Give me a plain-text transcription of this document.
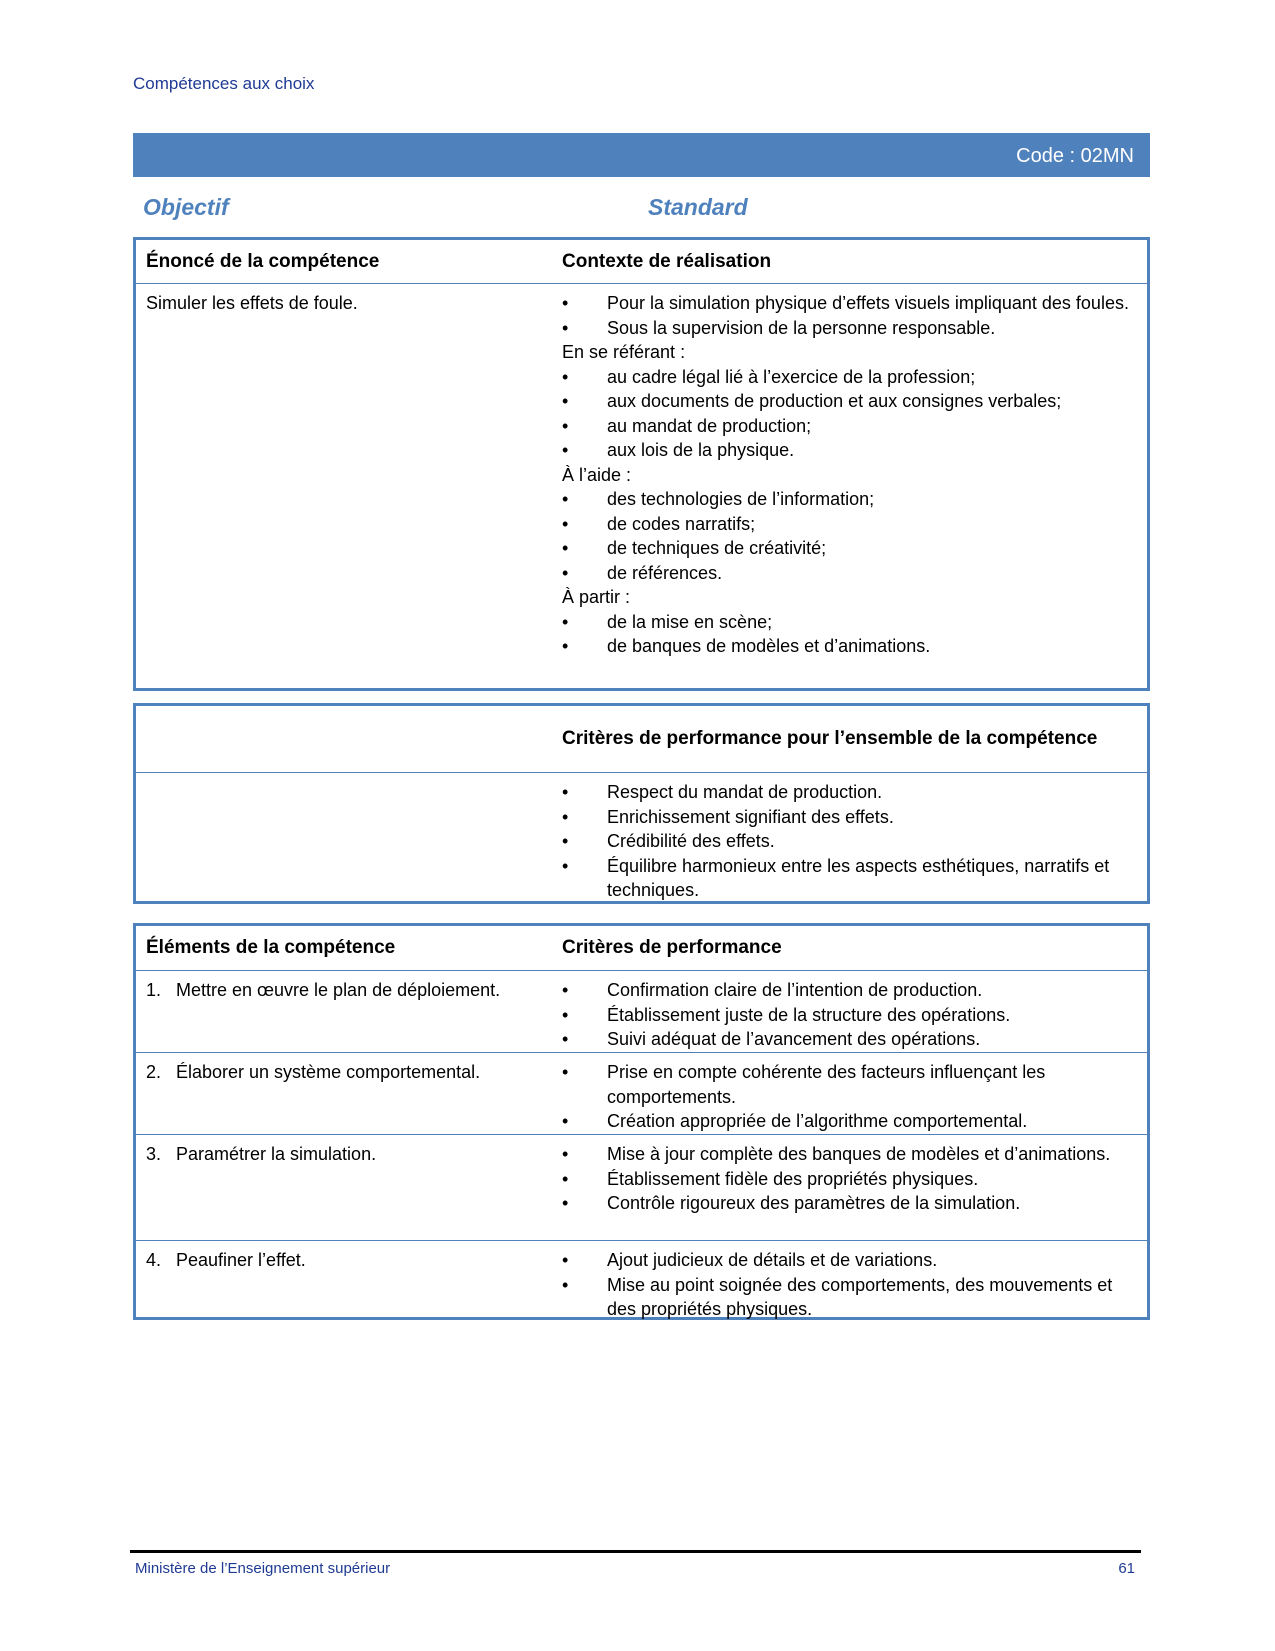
Compétences aux choix
Code : 02MN
Objectif	Standard
Énoncé de la compétence	Contexte de réalisation
Simuler les effets de foule.	• Pour la simulation physique d’effets visuels impliquant des foules.
• Sous la supervision de la personne responsable.
En se référant :
• au cadre légal lié à l’exercice de la profession;
• aux documents de production et aux consignes verbales;
• au mandat de production;
• aux lois de la physique.
À l’aide :
• des technologies de l’information;
• de codes narratifs;
• de techniques de créativité;
• de références.
À partir :
• de la mise en scène;
• de banques de modèles et d’animations.
Critères de performance pour l’ensemble de la compétence
• Respect du mandat de production.
• Enrichissement signifiant des effets.
• Crédibilité des effets.
• Équilibre harmonieux entre les aspects esthétiques, narratifs et techniques.
Éléments de la compétence	Critères de performance
1. Mettre en œuvre le plan de déploiement.	• Confirmation claire de l’intention de production.
• Établissement juste de la structure des opérations.
• Suivi adéquat de l’avancement des opérations.
2. Élaborer un système comportemental.	• Prise en compte cohérente des facteurs influençant les comportements.
• Création appropriée de l’algorithme comportemental.
3. Paramétrer la simulation.	• Mise à jour complète des banques de modèles et d’animations.
• Établissement fidèle des propriétés physiques.
• Contrôle rigoureux des paramètres de la simulation.
4. Peaufiner l’effet.	• Ajout judicieux de détails et de variations.
• Mise au point soignée des comportements, des mouvements et des propriétés physiques.
Ministère de l’Enseignement supérieur	61
